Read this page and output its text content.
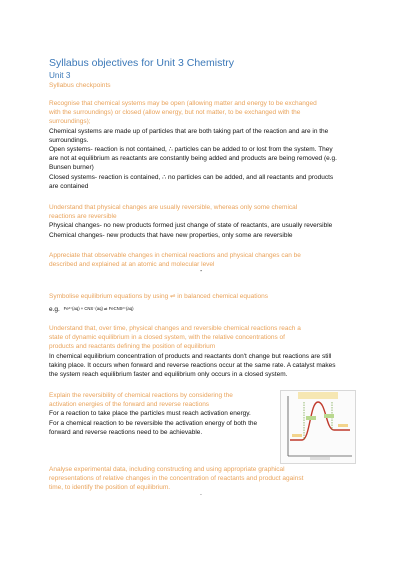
Syllabus objectives for Unit 3 Chemistry
Unit 3
Syllabus checkpoints
Recognise that chemical systems may be open (allowing matter and energy to be exchanged
with the surroundings) or closed (allow energy, but not matter, to be exchanged with the
surroundings);
Chemical systems are made up of particles that are both taking part of the reaction and are in the
surroundings.
Open systems- reaction is not contained, ∴ particles can be added to or lost from the system. They
are not at equilibrium as reactants are constantly being added and products are being removed (e.g.
Bunsen burner)
Closed systems- reaction is contained, ∴ no particles can be added, and all reactants and products
are contained
Understand that physical changes are usually reversible, whereas only some chemical
reactions are reversible
Physical changes- no new products formed just change of state of reactants, are usually reversible
Chemical changes- new products that have new properties, only some are reversible
Appreciate that observable changes in chemical reactions and physical changes can be
described and explained at an atomic and molecular level
-
Symbolise equilibrium equations by using ⇌ in balanced chemical equations
e.g. Fe³⁺(aq) + CNS⁻(aq) ⇌ FeCNS²⁺(aq)
Understand that, over time, physical changes and reversible chemical reactions reach a
state of dynamic equilibrium in a closed system, with the relative concentrations of
products and reactants defining the position of equilibrium
In chemical equilibrium concentration of products and reactants don't change but reactions are still
taking place. It occurs when forward and reverse reactions occur at the same rate. A catalyst makes
the system reach equilibrium faster and equilibrium only occurs in a closed system.
Explain the reversibility of chemical reactions by considering the
activation energies of the forward and reverse reactions
For a reaction to take place the particles must reach activation energy.
For a chemical reaction to be reversible the activation energy of both the
forward and reverse reactions need to be achievable.
Analyse experimental data, including constructing and using appropriate graphical
representations of relative changes in the concentration of reactants and product against
time, to identify the position of equilibrium.
.
